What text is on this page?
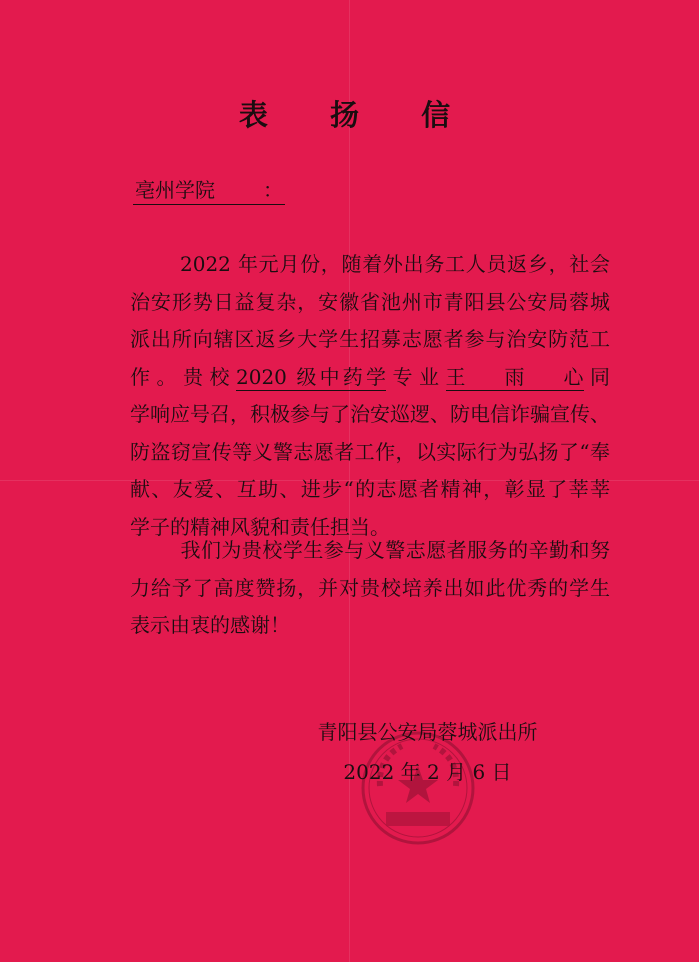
表 扬 信
亳州学院 ：
2022 年元月份，随着外出务工人员返乡，社会
治安形势日益复杂，安徽省池州市青阳县公安局蓉城
派出所向辖区返乡大学生招募志愿者参与治安防范工
作。贵校2020 级中药学专业王雨心同
学响应号召，积极参与了治安巡逻、防电信诈骗宣传、
防盗窃宣传等义警志愿者工作，以实际行为弘扬了“奉
献、友爱、互助、进步“的志愿者精神，彰显了莘莘
学子的精神风貌和责任担当。
我们为贵校学生参与义警志愿者服务的辛勤和努
力给予了高度赞扬，并对贵校培养出如此优秀的学生
表示由衷的感谢！
青阳县公安局蓉城派出所
2022 年 2 月 6 日
